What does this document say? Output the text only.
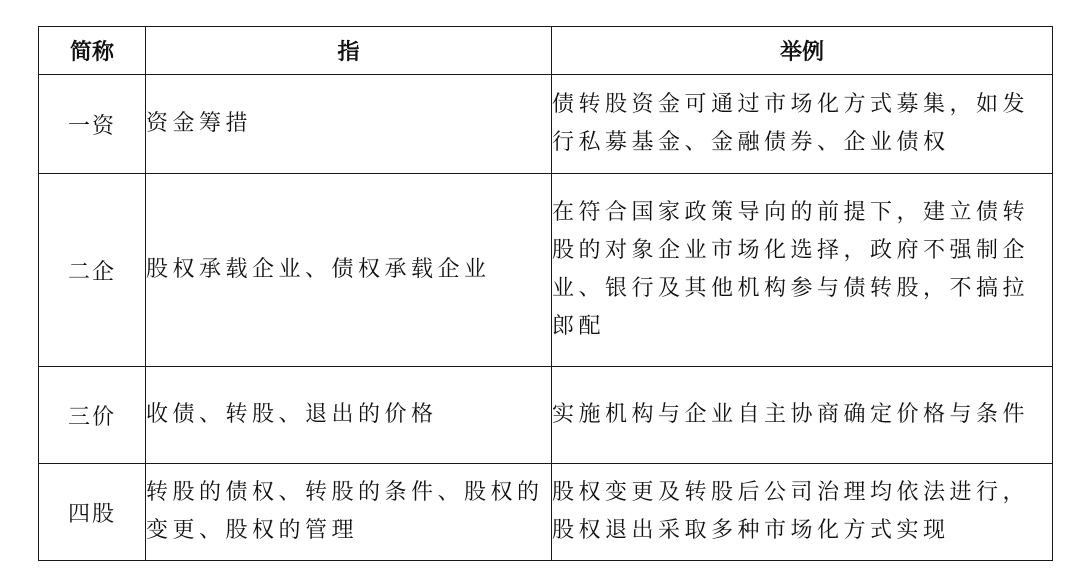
简称	指	举例
一资	资金筹措	债转股资金可通过市场化方式募集，如发行私募基金、金融债券、企业债权
二企	股权承载企业、债权承载企业	在符合国家政策导向的前提下，建立债转股的对象企业市场化选择，政府不强制企业、银行及其他机构参与债转股，不搞拉郎配
三价	收债、转股、退出的价格	实施机构与企业自主协商确定价格与条件
四股	转股的债权、转股的条件、股权的变更、股权的管理	股权变更及转股后公司治理均依法进行，股权退出采取多种市场化方式实现
